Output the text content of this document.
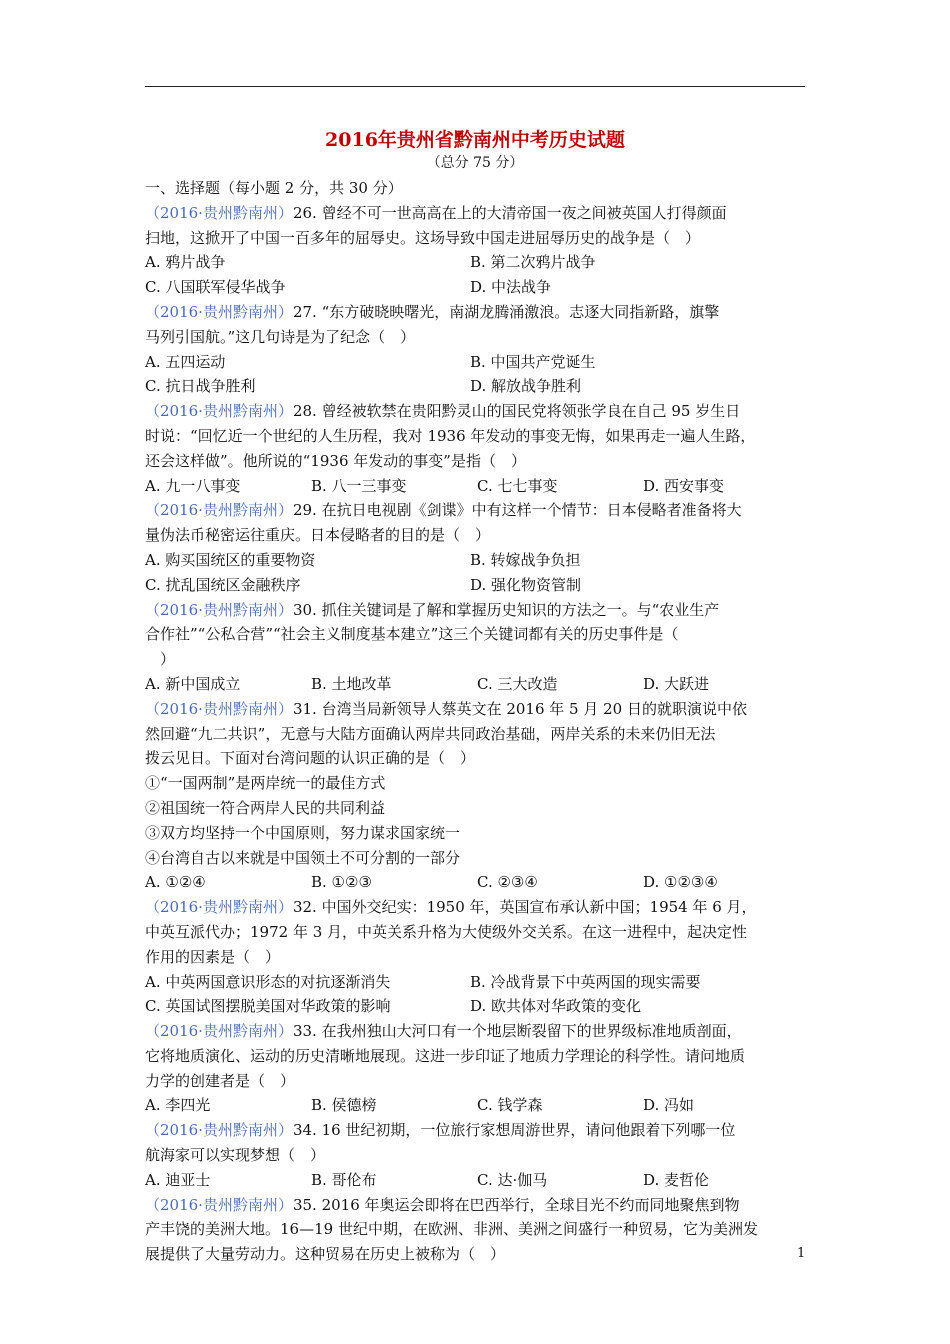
2016年贵州省黔南州中考历史试题
（总分 75 分）
一、选择题（每小题 2 分，共 30 分）
（2016·贵州黔南州）26. 曾经不可一世高高在上的大清帝国一夜之间被英国人打得颜面
扫地，这掀开了中国一百多年的屈辱史。这场导致中国走进屈辱历史的战争是（　）
A. 鸦片战争	B. 第二次鸦片战争
C. 八国联军侵华战争	D. 中法战争
（2016·贵州黔南州）27. “东方破晓映曙光，南湖龙腾涌激浪。志逐大同指新路，旗擎
马列引国航。”这几句诗是为了纪念（　）
A. 五四运动	B. 中国共产党诞生
C. 抗日战争胜利	D. 解放战争胜利
（2016·贵州黔南州）28. 曾经被软禁在贵阳黔灵山的国民党将领张学良在自己 95 岁生日
时说：“回忆近一个世纪的人生历程，我对 1936 年发动的事变无悔，如果再走一遍人生路，
还会这样做”。他所说的“1936 年发动的事变”是指（　）
A. 九一八事变	B. 八一三事变	C. 七七事变	D. 西安事变
（2016·贵州黔南州）29. 在抗日电视剧《剑谍》中有这样一个情节：日本侵略者准备将大
量伪法币秘密运往重庆。日本侵略者的目的是（　）
A. 购买国统区的重要物资	B. 转嫁战争负担
C. 扰乱国统区金融秩序	D. 强化物资管制
（2016·贵州黔南州）30. 抓住关键词是了解和掌握历史知识的方法之一。与“农业生产
合作社”“公私合营”“社会主义制度基本建立”这三个关键词都有关的历史事件是（
　）
A. 新中国成立	B. 土地改革	C. 三大改造	D. 大跃进
（2016·贵州黔南州）31. 台湾当局新领导人蔡英文在 2016 年 5 月 20 日的就职演说中依
然回避“九二共识”，无意与大陆方面确认两岸共同政治基础，两岸关系的未来仍旧无法
拨云见日。下面对台湾问题的认识正确的是（　）
①“一国两制”是两岸统一的最佳方式
②祖国统一符合两岸人民的共同利益
③双方均坚持一个中国原则，努力谋求国家统一
④台湾自古以来就是中国领土不可分割的一部分
A. ①②④	B. ①②③	C. ②③④	D. ①②③④
（2016·贵州黔南州）32. 中国外交纪实：1950 年，英国宣布承认新中国；1954 年 6 月，
中英互派代办；1972 年 3 月，中英关系升格为大使级外交关系。在这一进程中，起决定性
作用的因素是（　）
A. 中英两国意识形态的对抗逐渐消失	B. 冷战背景下中英两国的现实需要
C. 英国试图摆脱美国对华政策的影响	D. 欧共体对华政策的变化
（2016·贵州黔南州）33. 在我州独山大河口有一个地层断裂留下的世界级标准地质剖面，
它将地质演化、运动的历史清晰地展现。这进一步印证了地质力学理论的科学性。请问地质
力学的创建者是（　）
A. 李四光	B. 侯德榜	C. 钱学森	D. 冯如
（2016·贵州黔南州）34. 16 世纪初期，一位旅行家想周游世界，请问他跟着下列哪一位
航海家可以实现梦想（　）
A. 迪亚士	B. 哥伦布	C. 达·伽马	D. 麦哲伦
（2016·贵州黔南州）35. 2016 年奥运会即将在巴西举行，全球目光不约而同地聚焦到物
产丰饶的美洲大地。16—19 世纪中期，在欧洲、非洲、美洲之间盛行一种贸易，它为美洲发
展提供了大量劳动力。这种贸易在历史上被称为（　）	1
